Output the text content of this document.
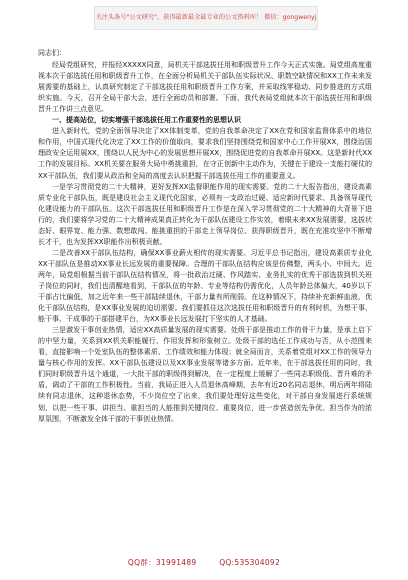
关注头条号"公文研究"，获得最新最全最专业的公文资料库！ 微信：gongwenyj

同志们：

经局党组研究，并报经XXXXX同意，局机关干部选拔任用和职级晋升工作今天正式实施。局党组高度重视本次干部选拔任用和职级晋升工作，在全面分析局机关干部队伍实际状况、职数空缺情况和XX工作未来发展需要的基础上，认真研究制定了干部选拔任用和职级晋升工作方案，并采取线零稳动、同步推进的方式组织实施。今天，召开全局干部大会，进行全面动员和部署。下面，我代表局党组就本次干部选拔任用和职级晋升工作讲三点意见。

一、提高站位，切实增强干部选拔任用工作重要性的思想认识

进入新时代，党的全面领导决定了XX体制变革，党的自我革命决定了XX在党和国家监督体系中的地位和作用，中国式现代化决定了XX工作的价值取向，要求我们坚持围绕党和国家中心工作开展XX，围绕治国理政安全运用展XX，围绕以人民为中心的发展思想开展XX，围绕促进党的自我革命开展XX。这是新时代XX工作的发展目标。XX机关要在服务大局中勇挑重担，在守正创新中主动作为，关键在于建设一支能打硬仗的XX干部队伍，我们要从政治和全局的高度去认识把握干部选拔任用工作的重要意义。

一是学习贯彻党的二十大精神，更好发挥XX监督职能作用的现实需要。党的二十大报告指出，建设高素质专业化干部队伍，既是建设社会主义现代化国家，必须有一支政治过硬、适应新时代要求、具备领导现代化建设能力的干部队伍。这次干部选拔任用和职级晋升工作是在深入学习贯彻党的二十大精神的大背景下进行的，我们要将学习党的二十大精神成果真正转化为干部队伍建设工作实效，着眼未来XX发展需要，选拔状态好、眼界宽、能力强、数想敢闯、能挑重担的干部走上领导岗位、获得职级晋升，既在充准攻坚中不断增长才干，也为发挥XX职能作出积极贡献。

二是改善XX干部队伍结构，确保XX事业薪火相传的现实需要。习近平总书记指出，建设高素质专业化XX干部队伍是推动XX事业长远发展的重要保障。合理的干部队伍结构应该是仿佛整，两头小、中间大。近两年，局党组根据当前干部队伍结构情况，将一批政治过硬、作风踏实、业务扎实的优秀干部选拔到机关班子岗位的同时，我们也清醒地看到，干部队伍的年龄、专业等结构仍需优化，人员年龄总体偏大，40岁以下干部占比偏低，加之近年来一些干部陆续退休，干部力量有所削弱。在这种情况下，持续补充新鲜血液，优化干部队伍结构，是XX事业发展的迫切需要。我们要抓住这次选拔任用和职级晋升的有利时机，为想干事、能干事、干成事的干部搭建平台，为XX事业长远发展打下坚实的人才基础。

三是激发干事创业热情，适应XX高质量发展的现实需要。处级干部是推动工作的骨干力量，是承上启下的中坚力量，关系到XX机关职能履行、作用发挥和形象树立。处级干部的选任工作成功与否，从小范围来看，直接影响一个处室队伍的整体素质、工作绩效和能力体现；就全局而言，关系着党组对XX工作的领导力量与核心作用的发挥。XX干部队伍建设以及XX事业发展等诸多方面。近年来，在干部选拔任用的同时，我们同时职级晋升这个通道，一大批干部的职级得到解决，在一定程度上缓解了一些同志职级低、晋升难的矛盾，调动了干部的工作积极性。当前，我局正进入人员退休高峰期，去年有近20名同志退休，明后两年将陆续有同志退休，这种退休态势，不少岗位空了出来，我们要处理好这些变化，对干部自身发展进行系统规划，以把一些干事、讲担当、重担当的人能推到关键岗位、重要岗位，进一步营造创先争优、担当作为的浓厚氛围，不断激发全体干部的干事创业热情。

QQ群：31991489	QQ:535304092
